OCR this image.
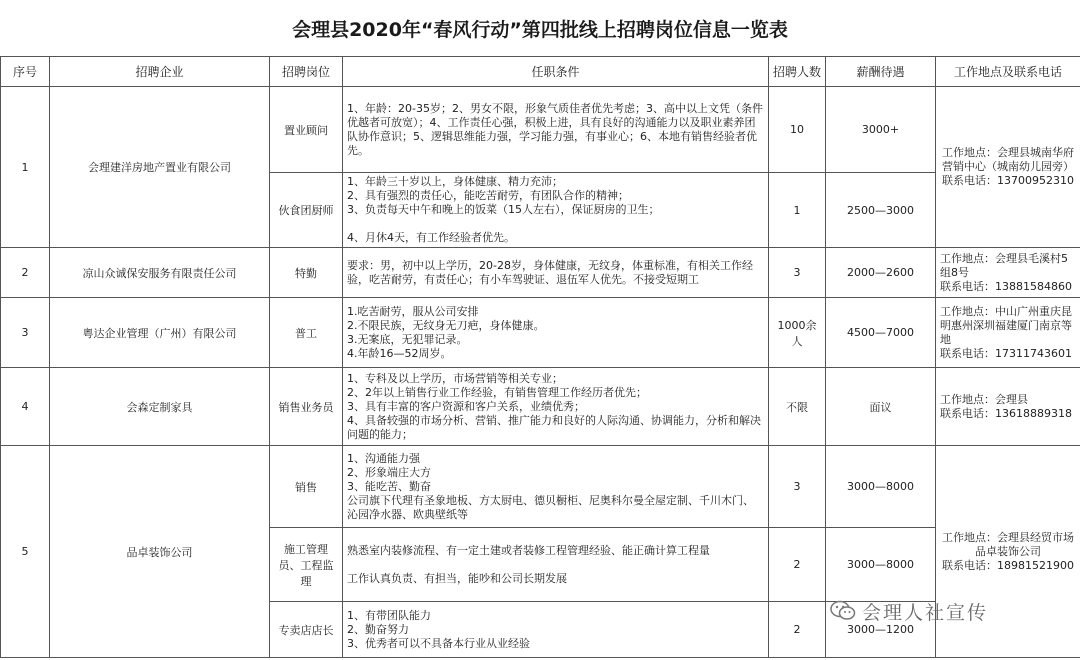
会理县2020年“春风行动”第四批线上招聘岗位信息一览表
序号	招聘企业	招聘岗位	任职条件	招聘人数	薪酬待遇	工作地点及联系电话
1	会理建洋房地产置业有限公司	置业顾问	1、年龄：20-35岁；2、男女不限，形象气质佳者优先考虑；3、高中以上文凭（条件优越者可放宽）；4、工作责任心强，积极上进，具有良好的沟通能力以及职业素养团队协作意识；5、逻辑思维能力强，学习能力强，有事业心；6、本地有销售经验者优先。	10	3000+	工作地点：会理县城南华府营销中心（城南幼儿园旁）
联系电话：13700952310
		伙食团厨师	1、年龄三十岁以上，身体健康、精力充沛；
2、具有强烈的责任心，能吃苦耐劳，有团队合作的精神；
3、负责每天中午和晚上的饭菜（15人左右），保证厨房的卫生；

4、月休4天，有工作经验者优先。	1	2500—3000	
2	凉山众诚保安服务有限责任公司	特勤	要求：男，初中以上学历，20-28岁，身体健康，无纹身，体重标准，有相关工作经验，吃苦耐劳，有责任心；有小车驾驶证、退伍军人优先。不接受短期工	3	2000—2600	工作地点：会理县毛溪村5组8号
联系电话：13881584860
3	粤达企业管理（广州）有限公司	普工	1.吃苦耐劳，服从公司安排
2.不限民族，无纹身无刀疤，身体健康。
3.无案底，无犯罪记录。
4.年龄16—52周岁。	1000余人	4500—7000	工作地点：中山广州重庆昆明惠州深圳福建厦门南京等地
联系电话：17311743601
4	会森定制家具	销售业务员	1、专科及以上学历，市场营销等相关专业；
2、2年以上销售行业工作经验，有销售管理工作经历者优先；
3、具有丰富的客户资源和客户关系，业绩优秀；
4、具备较强的市场分析、营销、推广能力和良好的人际沟通、协调能力，分析和解决问题的能力；	不限	面议	工作地点：会理县
联系电话：13618889318
5	品卓装饰公司	销售	1、沟通能力强
2、形象端庄大方
3、能吃苦、勤奋
公司旗下代理有圣象地板、方太厨电、德贝橱柜、尼奥科尔曼全屋定制、千川木门、沁园净水器、欧典壁纸等	3	3000—8000	工作地点：会理县经贸市场品卓装饰公司
联系电话：18981521900
		施工管理员、工程监理	熟悉室内装修流程、有一定土建或者装修工程管理经验、能正确计算工程量

工作认真负责、有担当，能吵和公司长期发展	2	3000—8000	
		专卖店店长	1、有带团队能力
2、勤奋努力
3、优秀者可以不具备本行业从业经验	2	3000—1200	
会理人社宣传
